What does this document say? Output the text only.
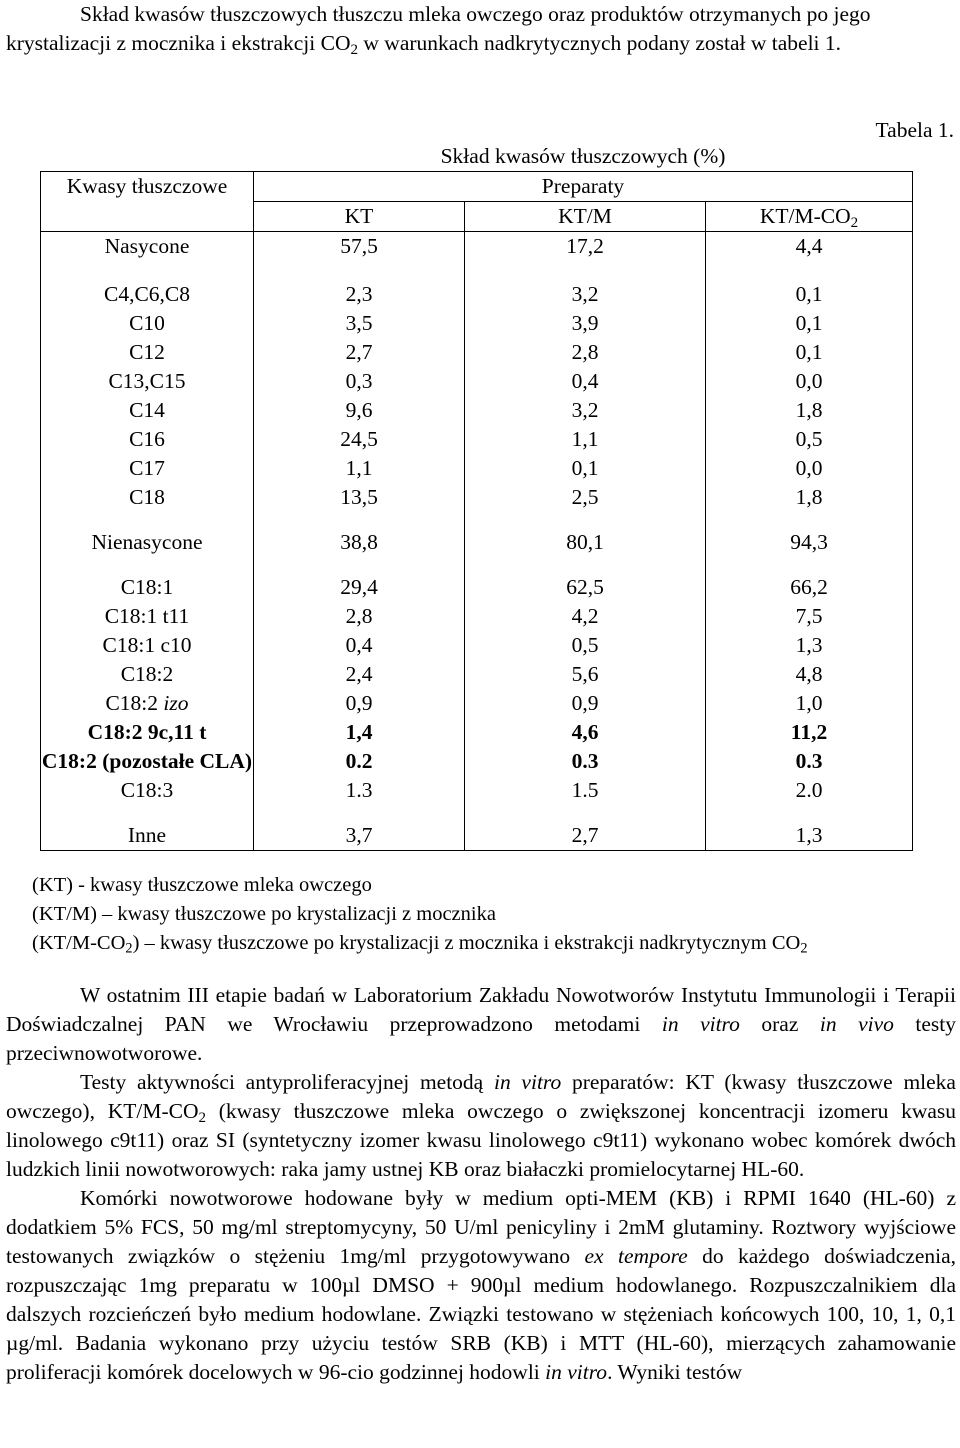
Skład kwasów tłuszczowych tłuszczu mleka owczego oraz produktów otrzymanych po jego krystalizacji z mocznika i ekstrakcji $CO_2$ w warunkach nadkrytycznych podany został w tabeli 1.

Tabela 1.
	Skład kwasów tłuszczowych (%)		
Kwasy tłuszczowe	Preparaty		
	KT	KT/M	$KT/M-CO_2$
Nasycone	57,5	17,2	4,4

C4,C6,C8	2,3	3,2	0,1
C10	3,5	3,9	0,1
C12	2,7	2,8	0,1
C13,C15	0,3	0,4	0,0
C14	9,6	3,2	1,8
C16	24,5	1,1	0,5
C17	1,1	0,1	0,0
C18	13,5	2,5	1,8

Nienasycone	38,8	80,1	94,3

C18:1	29,4	62,5	66,2
C18:1 t11	2,8	4,2	7,5
C18:1 c10	0,4	0,5	1,3
C18:2	2,4	5,6	4,8
C18:2 izo	0,9	0,9	1,0
C18:2 9c,11 t	1,4	4,6	11,2
C18:2 (pozostałe CLA)	0.2	0.3	0.3
C18:3	1.3	1.5	2.0

Inne	3,7	2,7	1,3
(KT) - kwasy tłuszczowe mleka owczego
(KT/M) – kwasy tłuszczowe po krystalizacji z mocznika
$(KT/M-CO_2)$ – kwasy tłuszczowe po krystalizacji z mocznika i ekstrakcji nadkrytycznym $CO_2$

W ostatnim III etapie badań w Laboratorium Zakładu Nowotworów Instytutu Immunologii i Terapii Doświadczalnej PAN we Wrocławiu przeprowadzono metodami in vitro oraz in vivo testy przeciwnowotworowe.

Testy aktywności antyproliferacyjnej metodą in vitro preparatów: KT (kwasy tłuszczowe mleka owczego), $KT/M-CO_2$ (kwasy tłuszczowe mleka owczego o zwiększonej koncentracji izomeru kwasu linolowego c9t11) oraz SI (syntetyczny izomer kwasu linolowego c9t11) wykonano wobec komórek dwóch ludzkich linii nowotworowych: raka jamy ustnej KB oraz białaczki promielocytarnej HL-60.

Komórki nowotworowe hodowane były w medium opti-MEM (KB) i RPMI 1640 (HL-60) z dodatkiem 5% FCS, 50 mg/ml streptomycyny, 50 U/ml penicyliny i 2mM glutaminy. Roztwory wyjściowe testowanych związków o stężeniu 1mg/ml przygotowywano ex tempore do każdego doświadczenia, rozpuszczając 1mg preparatu w 100µl DMSO + 900µl medium hodowlanego. Rozpuszczalnikiem dla dalszych rozcieńczeń było medium hodowlane. Związki testowano w stężeniach końcowych 100, 10, 1, 0,1 µg/ml. Badania wykonano przy użyciu testów SRB (KB) i MTT (HL-60), mierzących zahamowanie proliferacji komórek docelowych w 96-cio godzinnej hodowli in vitro. Wyniki testów
